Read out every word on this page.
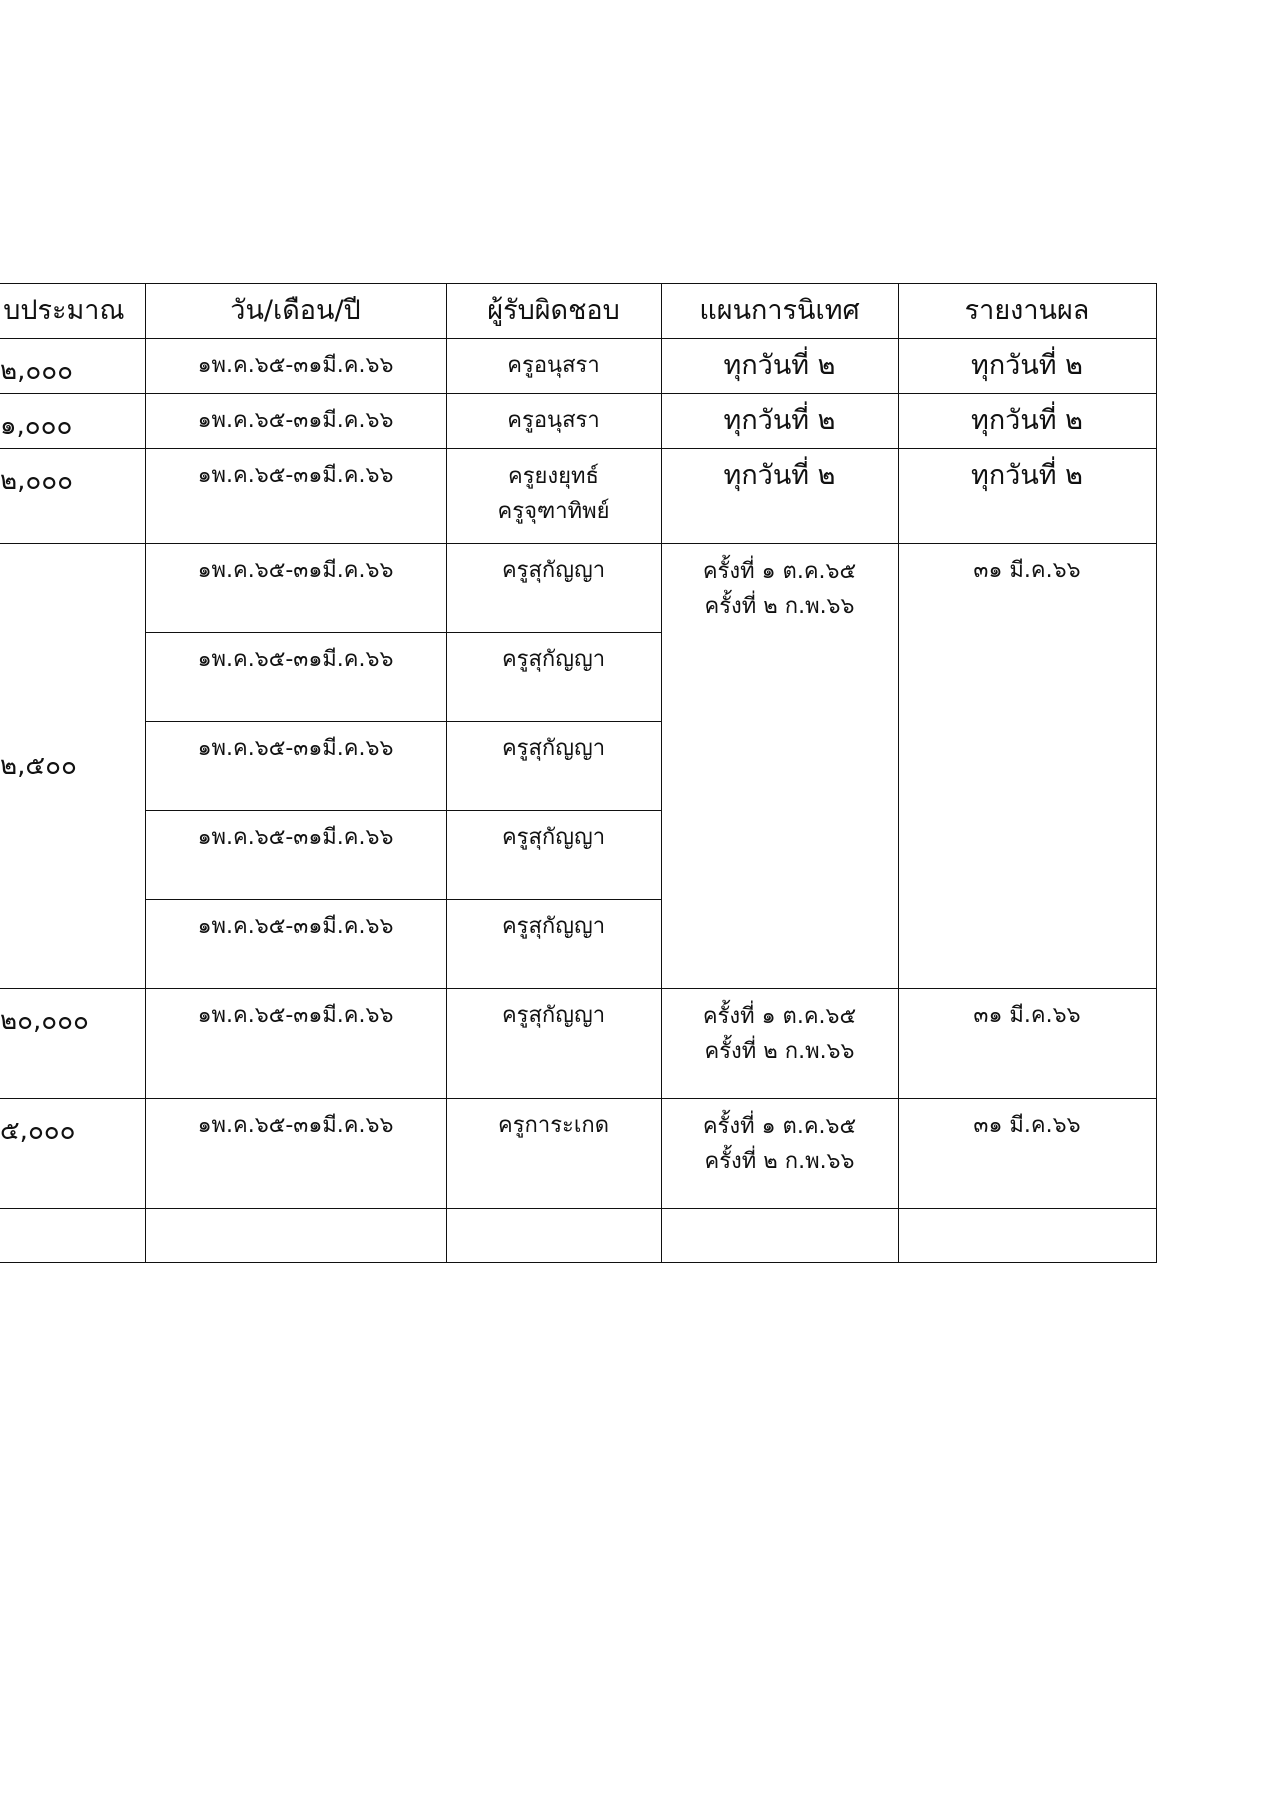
บประมาณ	วัน/เดือน/ปี	ผู้รับผิดชอบ	แผนการนิเทศ	รายงานผล

๒,๐๐๐	๑พ.ค.๖๕-๓๑มี.ค.๖๖	ครูอนุสรา	ทุกวันที่ ๒	ทุกวันที่ ๒

๑,๐๐๐	๑พ.ค.๖๕-๓๑มี.ค.๖๖	ครูอนุสรา	ทุกวันที่ ๒	ทุกวันที่ ๒

๒,๐๐๐	๑พ.ค.๖๕-๓๑มี.ค.๖๖	ครูยงยุทธ์
ครูจุฑาทิพย์	ทุกวันที่ ๒	ทุกวันที่ ๒

๒,๕๐๐	๑พ.ค.๖๕-๓๑มี.ค.๖๖	ครูสุกัญญา	ครั้งที่ ๑ ต.ค.๖๕
ครั้งที่ ๒ ก.พ.๖๖	๓๑ มี.ค.๖๖

	๑พ.ค.๖๕-๓๑มี.ค.๖๖	ครูสุกัญญา		

	๑พ.ค.๖๕-๓๑มี.ค.๖๖	ครูสุกัญญา		

	๑พ.ค.๖๕-๓๑มี.ค.๖๖	ครูสุกัญญา		

	๑พ.ค.๖๕-๓๑มี.ค.๖๖	ครูสุกัญญา		

๒๐,๐๐๐	๑พ.ค.๖๕-๓๑มี.ค.๖๖	ครูสุกัญญา	ครั้งที่ ๑ ต.ค.๖๕
ครั้งที่ ๒ ก.พ.๖๖	๓๑ มี.ค.๖๖

๕,๐๐๐	๑พ.ค.๖๕-๓๑มี.ค.๖๖	ครูการะเกด	ครั้งที่ ๑ ต.ค.๖๕
ครั้งที่ ๒ ก.พ.๖๖	๓๑ มี.ค.๖๖
